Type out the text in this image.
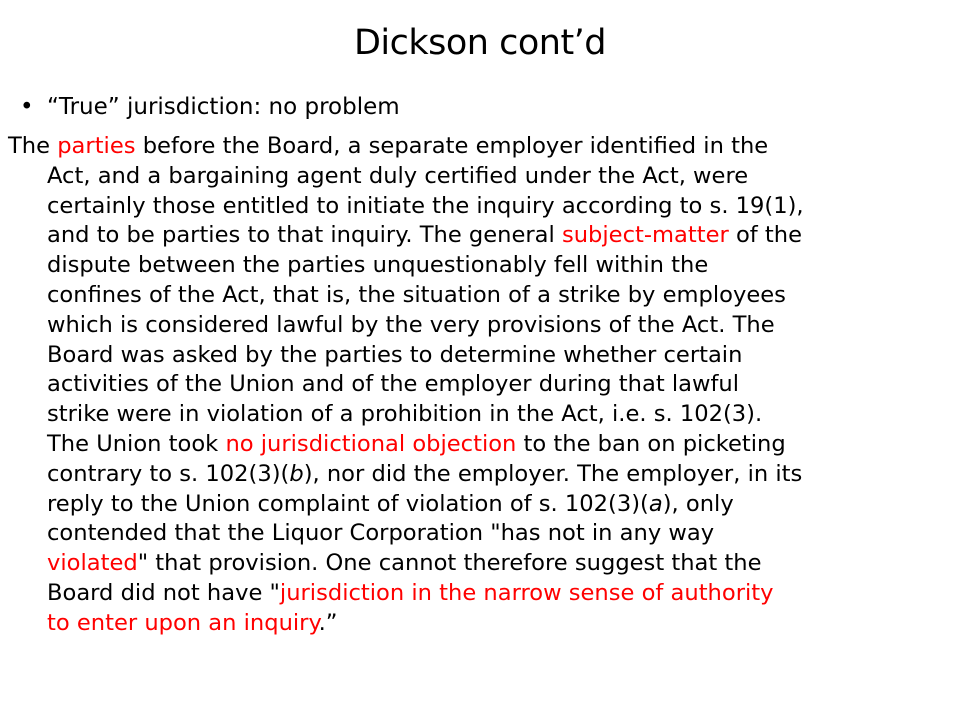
Dickson cont’d
• “True” jurisdiction: no problem
The parties before the Board, a separate employer identified in the
Act, and a bargaining agent duly certified under the Act, were
certainly those entitled to initiate the inquiry according to s. 19(1),
and to be parties to that inquiry. The general subject-matter of the
dispute between the parties unquestionably fell within the
confines of the Act, that is, the situation of a strike by employees
which is considered lawful by the very provisions of the Act. The
Board was asked by the parties to determine whether certain
activities of the Union and of the employer during that lawful
strike were in violation of a prohibition in the Act, i.e. s. 102(3).
The Union took no jurisdictional objection to the ban on picketing
contrary to s. 102(3)(b), nor did the employer. The employer, in its
reply to the Union complaint of violation of s. 102(3)(a), only
contended that the Liquor Corporation "has not in any way
violated" that provision. One cannot therefore suggest that the
Board did not have "jurisdiction in the narrow sense of authority
to enter upon an inquiry.”
